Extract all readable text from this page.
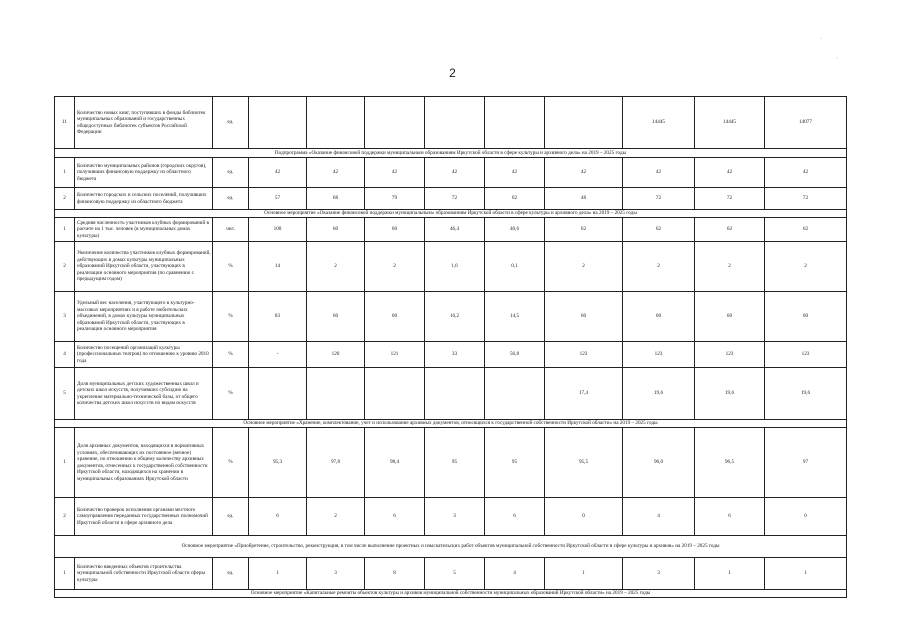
2
·
·
11	Количество новых книг, поступивших в фонды библиотек муниципальных образований и государственных общедоступных библиотек субъектов Российской Федерации	ед.							14445	14445	14077
Подпрограмма «Оказание финансовой поддержки муниципальным образованиям Иркутской области в сфере культуры и архивного дела» на 2019 – 2025 годы											
1	Количество муниципальных районов (городских округов), получивших финансовую поддержку из областного бюджета	ед.	42	42	42	42	42	42	42	42	42
2	Количество городских и сельских поселений, получивших финансовую поддержку из областного бюджета	ед.	57	68	79	72	62	48	72	72	72
Основное мероприятие «Оказание финансовой поддержки муниципальным» образованиям Иркутской области в сфере культуры и архивного дела» на 2019 – 2025 годы											
1	Средняя численность участников клубных формирований в расчете на 1 тыс. человек (в муниципальных домах культуры)	чел.	100	60	60	46,4	40,6	62	62	62	62
2	Увеличение количества участников клубных формирований, действующих в домах культуры муниципальных образований Иркутской области, участвующих в реализации основного мероприятия (по сравнению с предыдущим годом)	%	14	2	2	1,6	0,1	2	2	2	2
3	Удельный вес населения, участвующего в культурно-массовых мероприятиях и в работе любительских объединений, в домах культуры муниципальных образований Иркутской области, участвующих в реализации основного мероприятия	%	83	60	60	16,2	14,5	60	60	60	60
4	Количество посещений организаций культуры (профессиональных театров) по отношению к уровню 2010 года	%	-	120	121	33	56,8	123	123	123	123
5	Доля муниципальных детских художественных школ и детских школ искусств, получивших субсидию на укрепление материально-технической базы, от общего количества детских школ искусств по видам искусств	%						17,4	19,6	19,6	19,6
Основное мероприятие «Хранение, комплектование, учет и использование архивных документов, относящихся к государственной собственности Иркутской области» на 2019 – 2025 годы											
1	Доля архивных документов, находящихся в нормативных условиях, обеспечивающих их постоянное (вечное) хранение, по отношению к общему количеству архивных документов, отнесенных к государственной собственности Иркутской области, находящихся на хранении в муниципальных образованиях Иркутской области	%	95,3	97,8	98,4	95	95	95,5	96,0	96,5	97
2	Количество проверок исполнения органами местного самоуправления переданных государственных полномочий Иркутской области в сфере архивного дела	ед.	6	2	6	3	6	0	4	6	0
Основное мероприятие «Приобретение, строительство, реконструкция, в том числе выполнение проектных и изыскательских работ объектов муниципальной собственности Иркутской области в сфере культуры и архивов» на 2019 – 2025 годы											
1	Количество введенных объектов строительства муниципальной собственности Иркутской области сферы культуры	ед.	1	3	8	5	4	1	3	1	1
Основное мероприятие «Капитальные ремонты объектов культуры и архивов муниципальной собственности муниципальных образований Иркутской области» на 2019 – 2025 годы											
